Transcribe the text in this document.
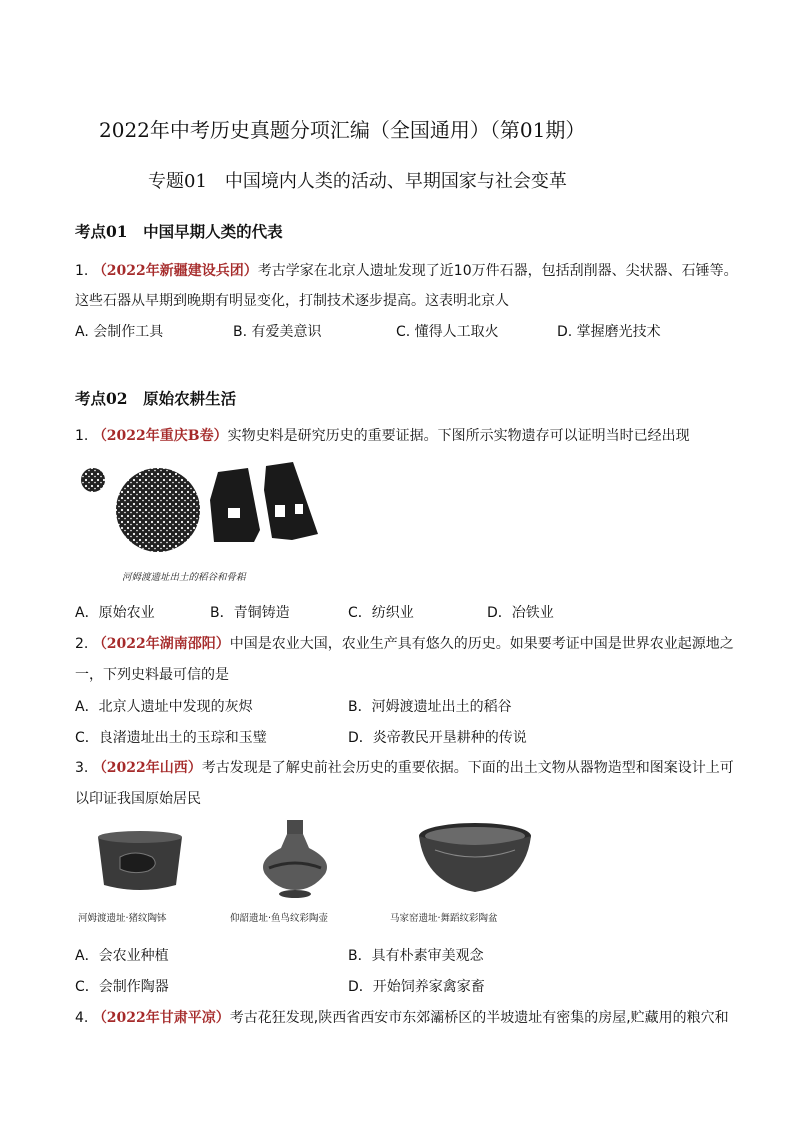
2022年中考历史真题分项汇编（全国通用）（第01期）
专题01　中国境内人类的活动、早期国家与社会变革
考点01　中国早期人类的代表
1. （2022年新疆建设兵团）考古学家在北京人遗址发现了近10万件石器，包括刮削器、尖状器、石锤等。
这些石器从早期到晚期有明显变化，打制技术逐步提高。这表明北京人
A. 会制作工具	B. 有爱美意识	C. 懂得人工取火	D. 掌握磨光技术
考点02　原始农耕生活
1. （2022年重庆B卷）实物史料是研究历史的重要证据。下图所示实物遗存可以证明当时已经出现
河姆渡遗址出土的稻谷和骨耜
A．原始农业	B．青铜铸造	C．纺织业	D．冶铁业
2. （2022年湖南邵阳）中国是农业大国，农业生产具有悠久的历史。如果要考证中国是世界农业起源地之
一，下列史料最可信的是
A．北京人遗址中发现的灰烬	B．河姆渡遗址出土的稻谷
C．良渚遗址出土的玉琮和玉璧	D．炎帝教民开垦耕种的传说
3. （2022年山西）考古发现是了解史前社会历史的重要依据。下面的出土文物从器物造型和图案设计上可
以印证我国原始居民
河姆渡遗址·猪纹陶钵	仰韶遗址·鱼鸟纹彩陶壶	马家窑遗址·舞蹈纹彩陶盆
A．会农业种植	B．具有朴素审美观念
C．会制作陶器	D．开始饲养家禽家畜
4. （2022年甘肃平凉）考古花狂发现,陕西省西安市东郊灞桥区的半坡遗址有密集的房屋,贮藏用的粮穴和
